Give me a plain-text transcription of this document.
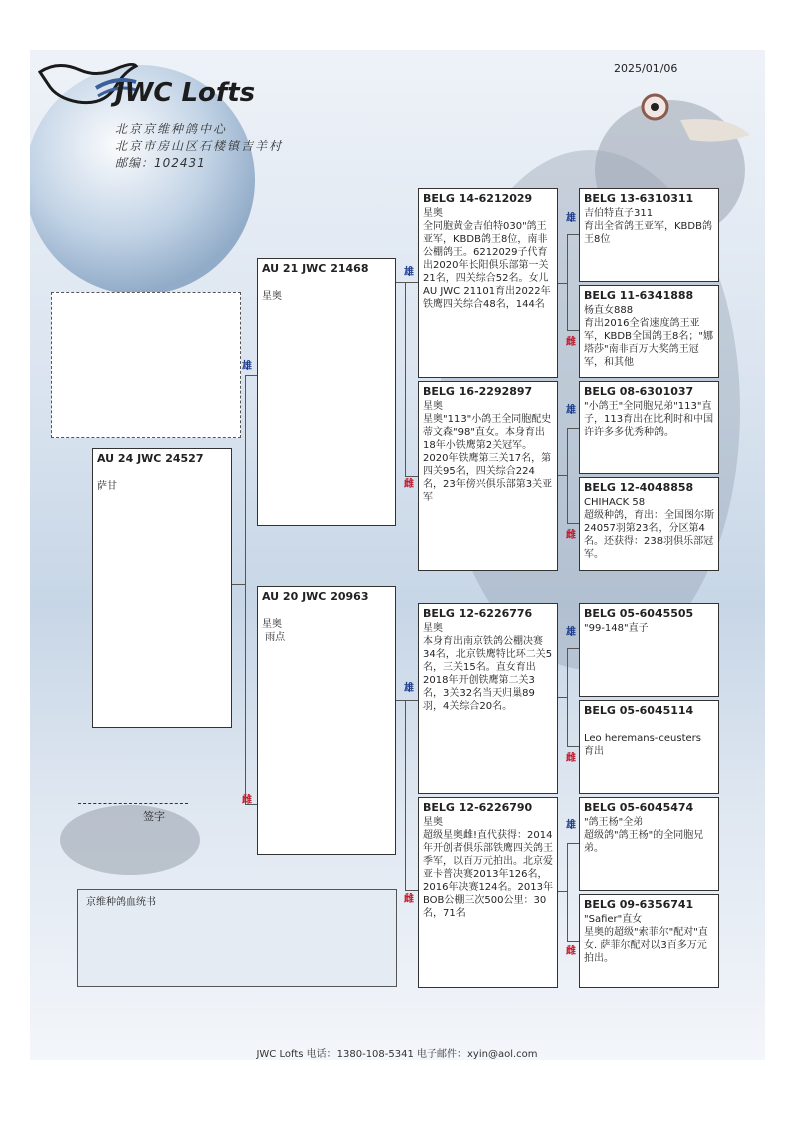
2025/01/06
JWC Lofts
北京京维种鸽中心
北京市房山区石楼镇吉羊村
邮编：102431
雄
雌
雄
雌
雄
雌
雄
雌
雄
雌
雄
雌
雄
雌
AU 24 JWC 24527

萨甘
AU 21 JWC 21468

星奥
AU 20 JWC 20963

星奥
雨点
BELG 14-6212029
星奥
全同胞黄金吉伯特030"鸽王亚军，KBDB鸽王8位，南非公棚鸽王。6212029子代育出2020年长阳俱乐部第一关21名，四关综合52名。女儿 AU JWC 21101育出2022年铁鹰四关综合48名，144名
BELG 16-2292897
星奥
星奥"113"小鸽王全同胞配史蒂文森"98"直女。本身育出18年小铁鹰第2关冠军。2020年铁鹰第三关17名，第四关95名，四关综合224名，23年傍兴俱乐部第3关亚军
BELG 12-6226776
星奥
本身育出南京铁鸽公棚决赛34名，北京铁鹰特比环二关5名，三关15名。直女育出2018年开创铁鹰第二关3名，3关32名当天归巢89羽，4关综合20名。
BELG 12-6226790
星奥
超级星奥雌!直代获得：2014年开创者俱乐部铁鹰四关鸽王季军，以百万元拍出。北京爱亚卡普决赛2013年126名，2016年决赛124名。2013年BOB公棚三次500公里：30名，71名
BELG 13-6310311
吉伯特直子311
育出全省鸽王亚军，KBDB鸽王8位
BELG 11-6341888
杨直女888
育出2016全省速度鸽王亚军，KBDB全国鸽王8名；"娜塔莎"南非百万大奖鸽王冠军，和其他
BELG 08-6301037
"小鸽王"全同胞兄弟"113"直子，113育出在比利时和中国许许多多优秀种鸽。
BELG 12-4048858
CHIHACK 58
超级种鸽，育出：全国图尔斯24057羽第23名，分区第4名。还获得：238羽俱乐部冠军。
BELG 05-6045505
"99-148"直子
BELG 05-6045114

Leo heremans-ceusters 育出
BELG 05-6045474
"鸽王杨"全弟
超级鸽"鸽王杨"的全同胞兄弟。
BELG 09-6356741
"Safier"直女
星奥的超级"索菲尔"配对"直女. 萨菲尔配对以3百多万元拍出。
签字
京维种鸽血统书
JWC Lofts 电话：1380-108-5341 电子邮件：xyin@aol.com
